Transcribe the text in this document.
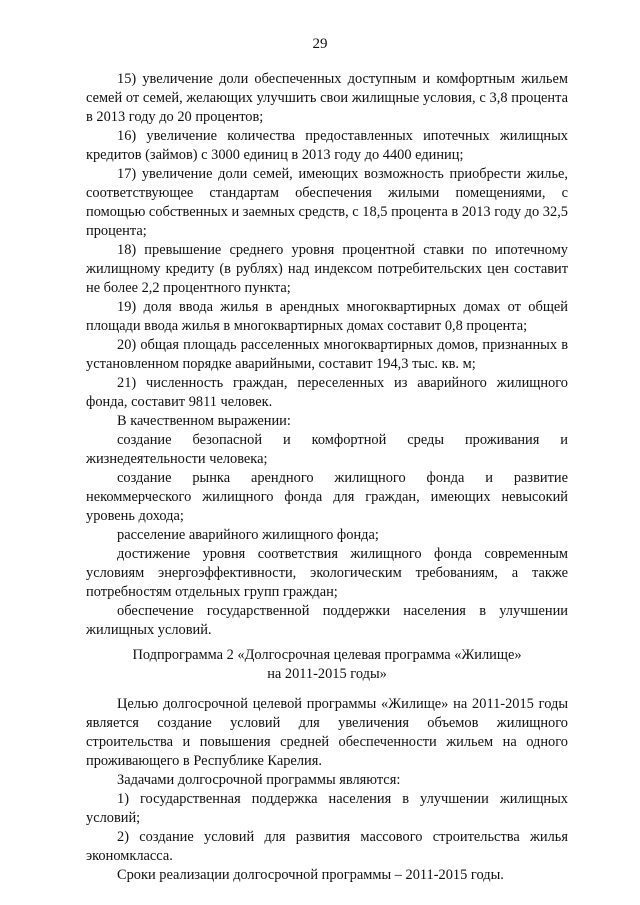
29

15) увеличение доли обеспеченных доступным и комфортным жильем семей от семей, желающих улучшить свои жилищные условия, с 3,8 процента в 2013 году до 20 процентов;

16) увеличение количества предоставленных ипотечных жилищных кредитов (займов) с 3000 единиц в 2013 году до 4400 единиц;

17) увеличение доли семей, имеющих возможность приобрести жилье, соответствующее стандартам обеспечения жилыми помещениями, с помощью собственных и заемных средств, с 18,5 процента в 2013 году до 32,5 процента;

18) превышение среднего уровня процентной ставки по ипотечному жилищному кредиту (в рублях) над индексом потребительских цен составит не более 2,2 процентного пункта;

19) доля ввода жилья в арендных многоквартирных домах от общей площади ввода жилья в многоквартирных домах составит 0,8 процента;

20) общая площадь расселенных многоквартирных домов, признанных в установленном порядке аварийными, составит 194,3 тыс. кв. м;

21) численность граждан, переселенных из аварийного жилищного фонда, составит 9811 человек.

В качественном выражении:

создание безопасной и комфортной среды проживания и жизнедеятельности человека;

создание рынка арендного жилищного фонда и развитие некоммерческого жилищного фонда для граждан, имеющих невысокий уровень дохода;

расселение аварийного жилищного фонда;

достижение уровня соответствия жилищного фонда современным условиям энергоэффективности, экологическим требованиям, а также потребностям отдельных групп граждан;

обеспечение государственной поддержки населения в улучшении жилищных условий.

Подпрограмма 2 «Долгосрочная целевая программа «Жилище»
на 2011-2015 годы»

Целью долгосрочной целевой программы «Жилище» на 2011-2015 годы является создание условий для увеличения объемов жилищного строительства и повышения средней обеспеченности жильем на одного проживающего в Республике Карелия.

Задачами долгосрочной программы являются:

1) государственная поддержка населения в улучшении жилищных условий;

2) создание условий для развития массового строительства жилья экономкласса.

Сроки реализации долгосрочной программы – 2011-2015 годы.
